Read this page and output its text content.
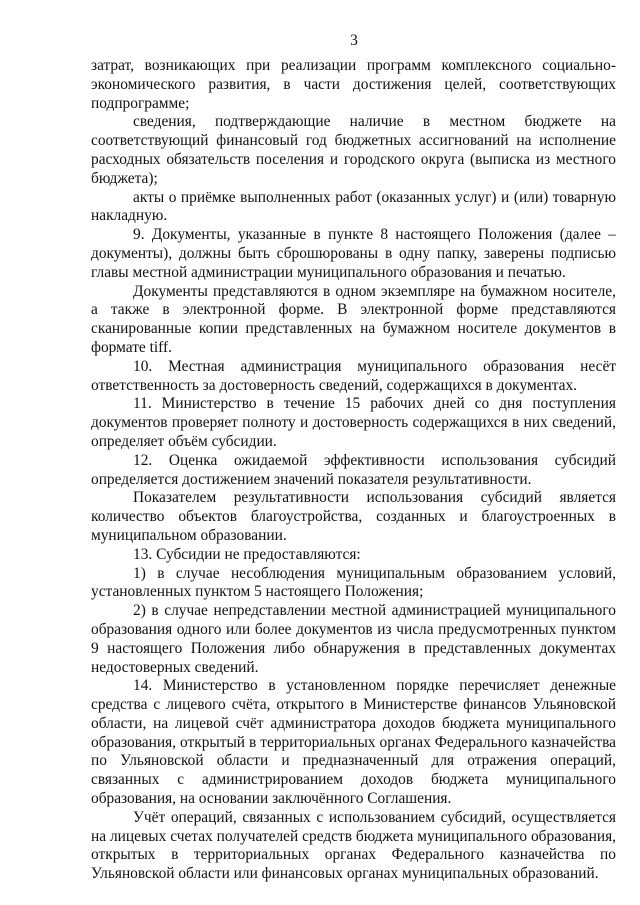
3

затрат, возникающих при реализации программ комплексного социально-экономического развития, в части достижения целей, соответствующих подпрограмме;

сведения, подтверждающие наличие в местном бюджете на соответствующий финансовый год бюджетных ассигнований на исполнение расходных обязательств поселения и городского округа (выписка из местного бюджета);

акты о приёмке выполненных работ (оказанных услуг) и (или) товарную накладную.

9. Документы, указанные в пункте 8 настоящего Положения (далее – документы), должны быть сброшюрованы в одну папку, заверены подписью главы местной администрации муниципального образования и печатью.

Документы представляются в одном экземпляре на бумажном носителе, а также в электронной форме. В электронной форме представляются сканированные копии представленных на бумажном носителе документов в формате tiff.

10. Местная администрация муниципального образования несёт ответственность за достоверность сведений, содержащихся в документах.

11. Министерство в течение 15 рабочих дней со дня поступления документов проверяет полноту и достоверность содержащихся в них сведений, определяет объём субсидии.

12. Оценка ожидаемой эффективности использования субсидий определяется достижением значений показателя результативности.

Показателем результативности использования субсидий является количество объектов благоустройства, созданных и благоустроенных в муниципальном образовании.

13. Субсидии не предоставляются:

1) в случае несоблюдения муниципальным образованием условий, установленных пунктом 5 настоящего Положения;

2) в случае непредставлении местной администрацией муниципального образования одного или более документов из числа предусмотренных пунктом 9 настоящего Положения либо обнаружения в представленных документах недостоверных сведений.

14. Министерство в установленном порядке перечисляет денежные средства с лицевого счёта, открытого в Министерстве финансов Ульяновской области, на лицевой счёт администратора доходов бюджета муниципального образования, открытый в территориальных органах Федерального казначейства по Ульяновской области и предназначенный для отражения операций, связанных с администрированием доходов бюджета муниципального образования, на основании заключённого Соглашения.

Учёт операций, связанных с использованием субсидий, осуществляется на лицевых счетах получателей средств бюджета муниципального образования, открытых в территориальных органах Федерального казначейства по Ульяновской области или финансовых органах муниципальных образований.
